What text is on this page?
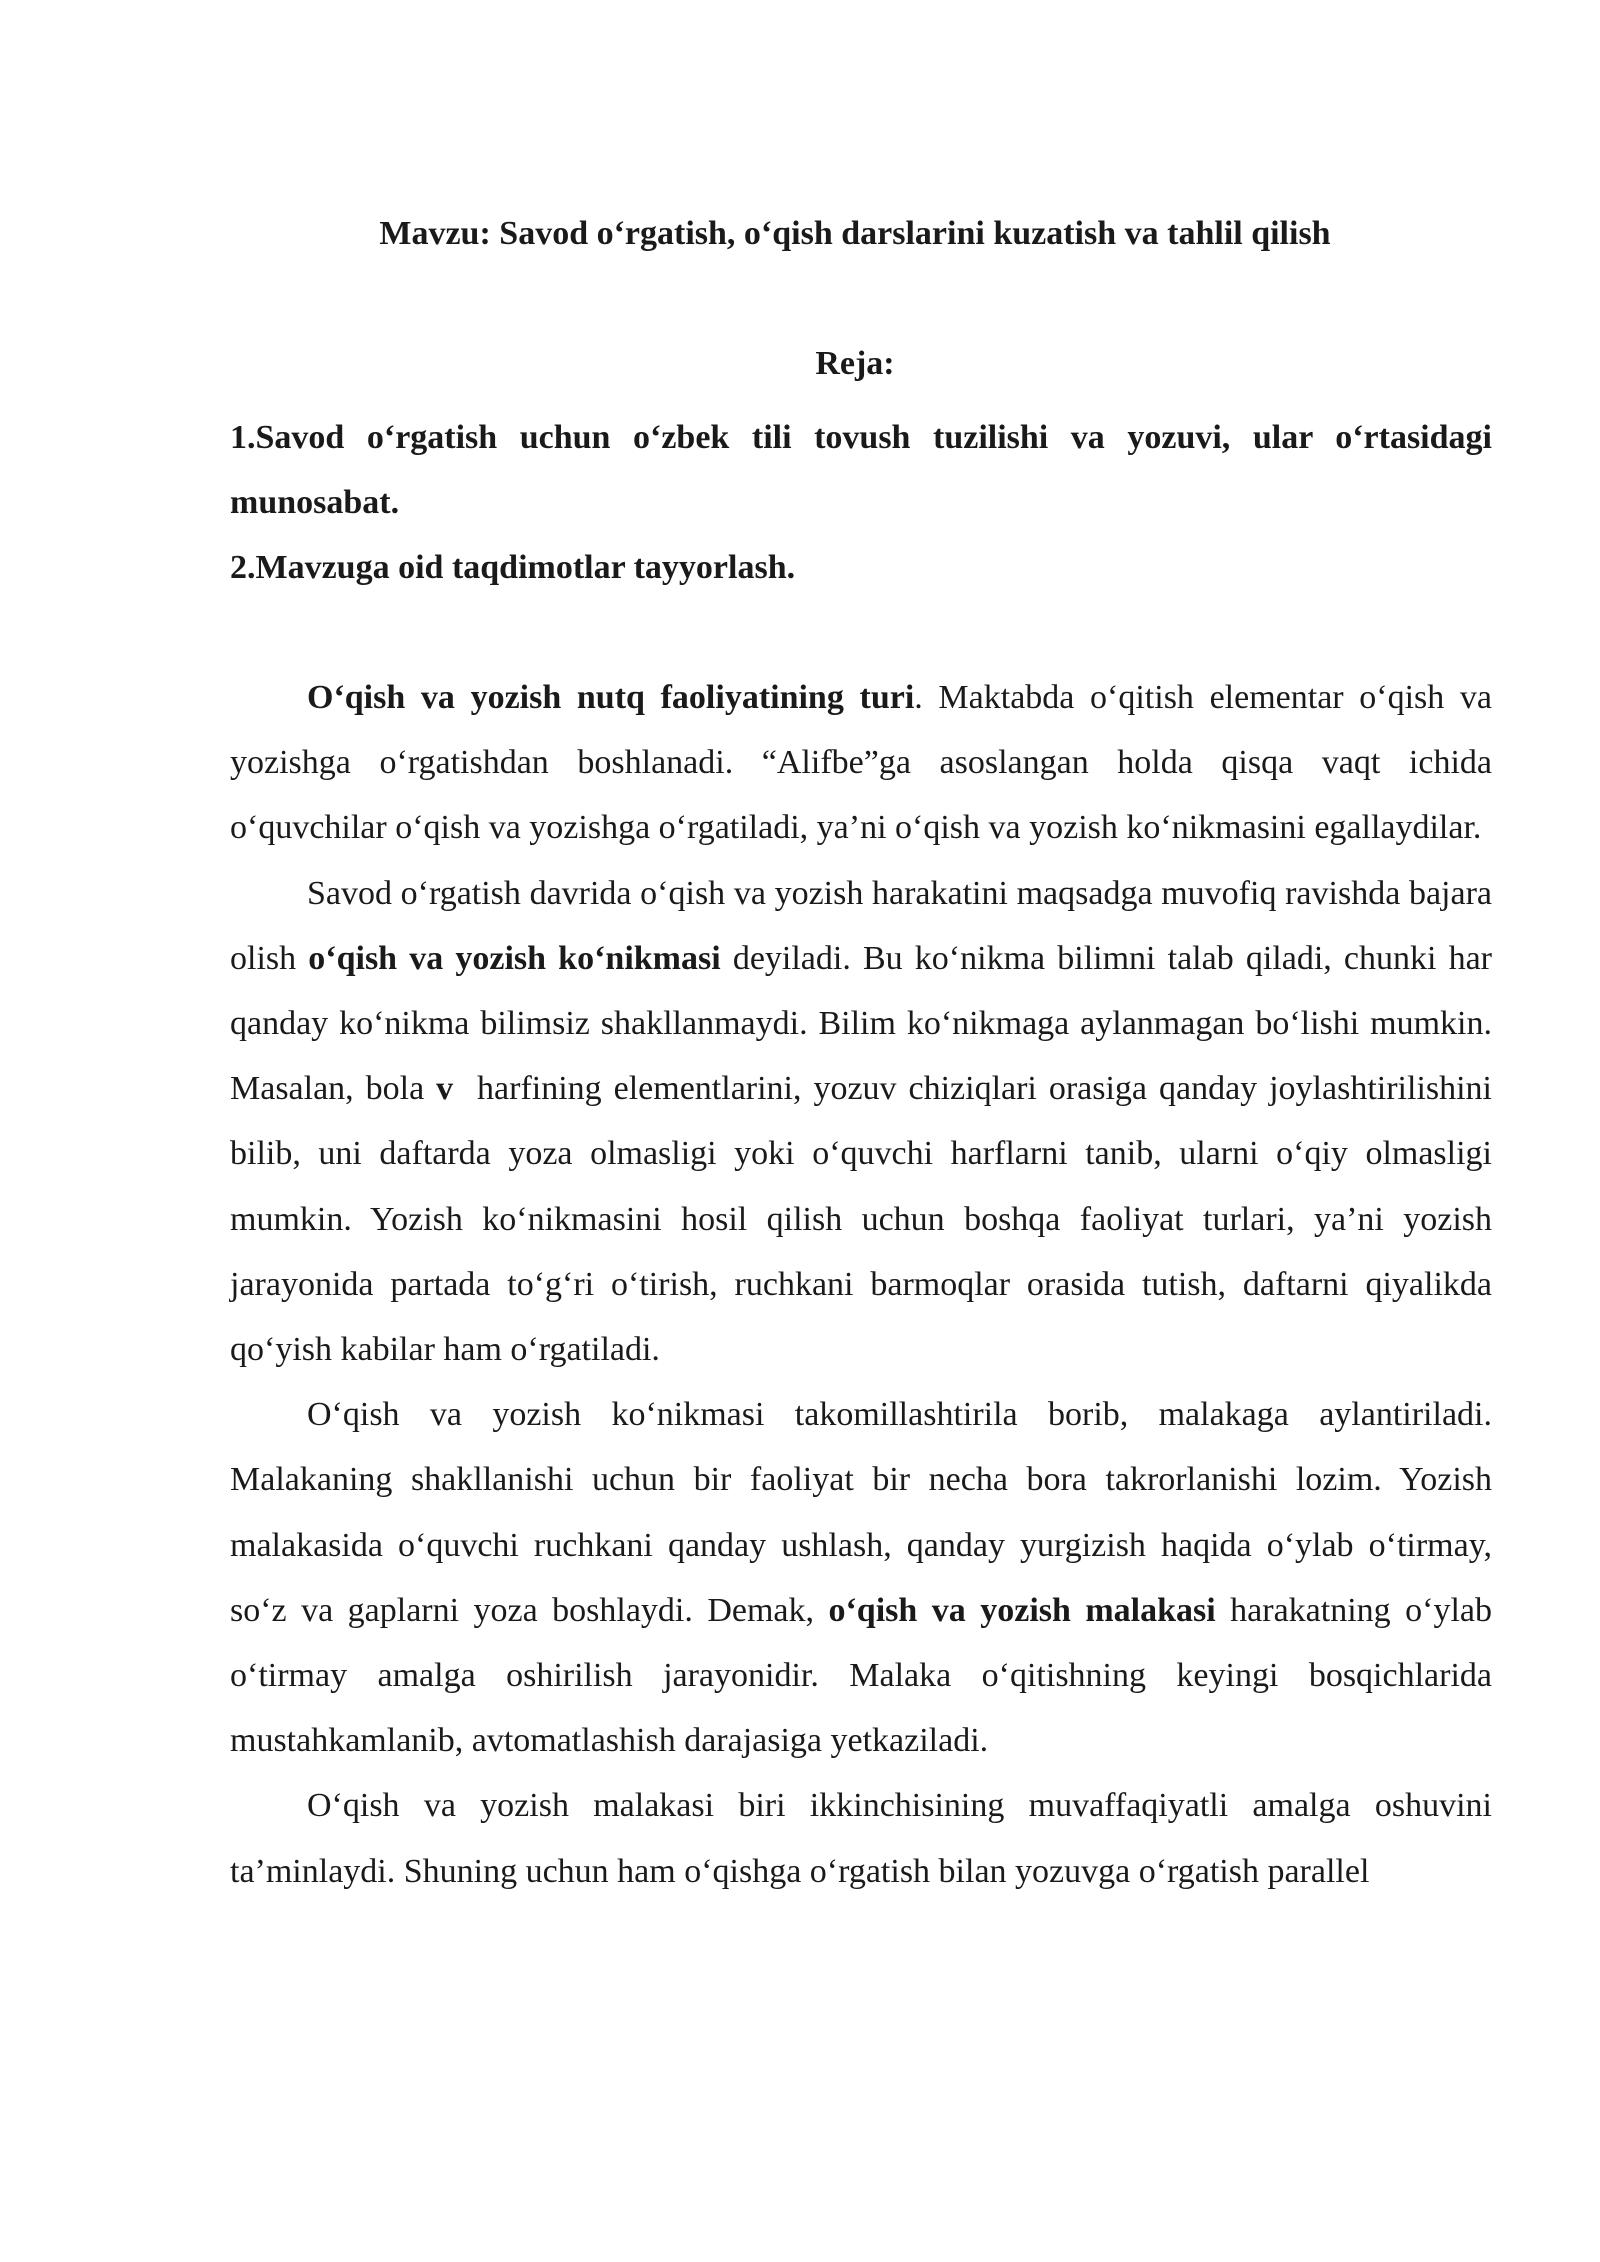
Mavzu: Savod o‘rgatish, o‘qish darslarini kuzatish va tahlil qilish
Reja:
1.Savod o‘rgatish uchun o‘zbek tili tovush tuzilishi va yozuvi, ular o‘rtasidagi munosabat.
2.Mavzuga oid taqdimotlar tayyorlash.

O‘qish va yozish nutq faoliyatining turi. Maktabda o‘qitish elementar o‘qish va yozishga o‘rgatishdan boshlanadi. “Alifbe”ga asoslangan holda qisqa vaqt ichida o‘quvchilar o‘qish va yozishga o‘rgatiladi, ya’ni o‘qish va yozish ko‘nikmasini egallaydilar.

Savod o‘rgatish davrida o‘qish va yozish harakatini maqsadga muvofiq ravishda bajara olish o‘qish va yozish ko‘nikmasi deyiladi. Bu ko‘nikma bilimni talab qiladi, chunki har qanday ko‘nikma bilimsiz shakllanmaydi. Bilim ko‘nikmaga aylanmagan bo‘lishi mumkin. Masalan, bola v  harfining elementlarini, yozuv chiziqlari orasiga qanday joylashtirilishini bilib, uni daftarda yoza olmasligi yoki o‘quvchi harflarni tanib, ularni o‘qiy olmasligi mumkin. Yozish ko‘nikmasini hosil qilish uchun boshqa faoliyat turlari, ya’ni yozish jarayonida partada to‘g‘ri o‘tirish, ruchkani barmoqlar orasida tutish, daftarni qiyalikda qo‘yish kabilar ham o‘rgatiladi.

O‘qish va yozish ko‘nikmasi takomillashtirila borib, malakaga aylantiriladi. Malakaning shakllanishi uchun bir faoliyat bir necha bora takrorlanishi lozim. Yozish malakasida o‘quvchi ruchkani qanday ushlash, qanday yurgizish haqida o‘ylab o‘tirmay, so‘z va gaplarni yoza boshlaydi. Demak, o‘qish va yozish malakasi harakatning o‘ylab o‘tirmay amalga oshirilish jarayonidir. Malaka o‘qitishning keyingi bosqichlarida mustahkamlanib, avtomatlashish darajasiga yetkaziladi.

O‘qish va yozish malakasi biri ikkinchisining muvaffaqiyatli amalga oshuvini ta’minlaydi. Shuning uchun ham o‘qishga o‘rgatish bilan yozuvga o‘rgatish parallel
